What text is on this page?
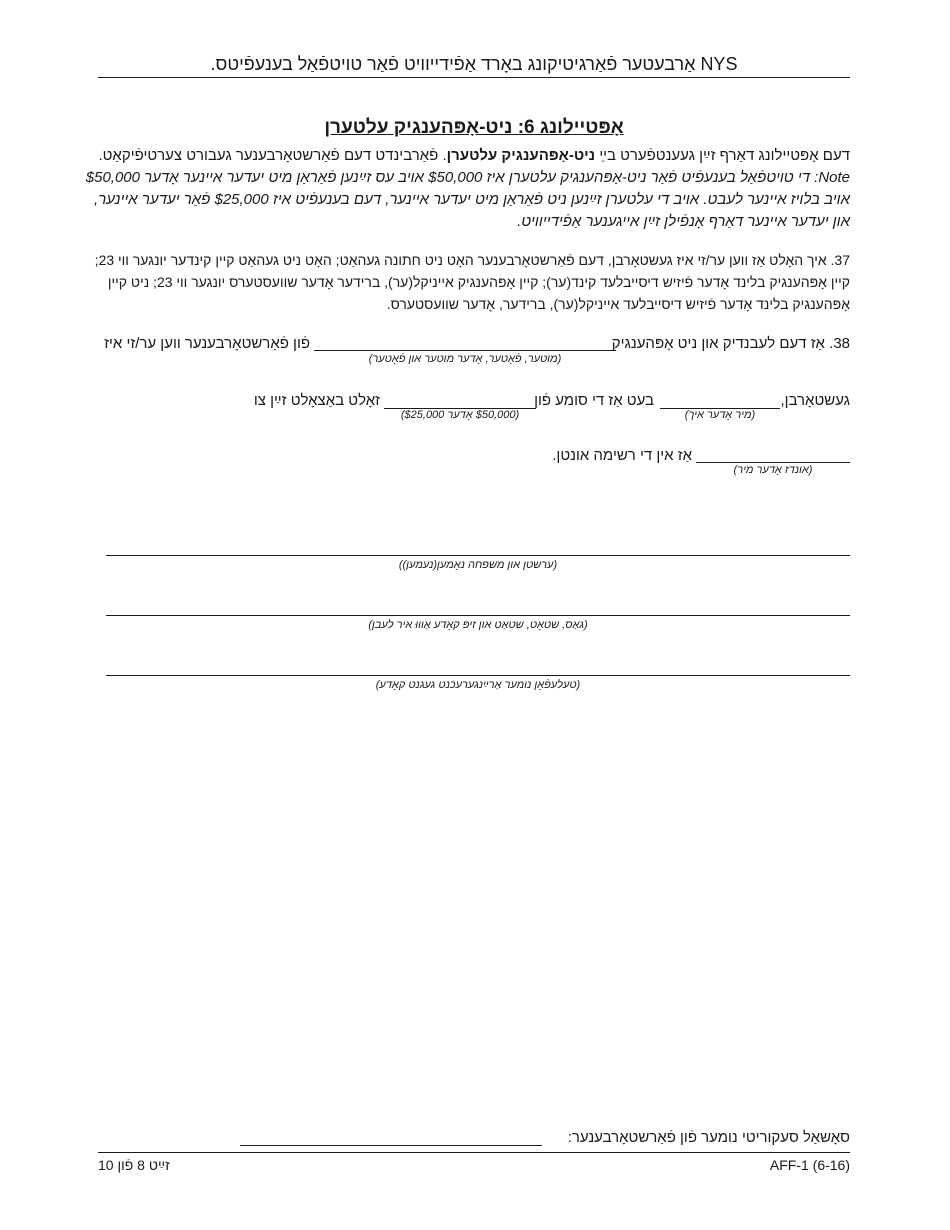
NYS אַרבעטער פֿאַרגיטיקונג באָרד אַפֿידייוויט פֿאַר טויטפֿאַל בענעפֿיטס.
אָפּטיילונג 6: ניט-אָפּהענגיק עלטערן
דעם אָפּטיילונג דאַרף זײַן געענטפֿערט בײַ ניט-אָפּהענגיק עלטערן. פֿאַרבינדט דעם פֿאַרשטאָרבענער געבורט צערטיפֿיקאַט. Note: די טויטפֿאַל בענעפֿיט פֿאַר ניט-אָפּהענגיק עלטערן איז $50,000 אויב עס זײַנען פֿאַראַן מיט יעדער איינער אָדער $50,000 אויב בלויז איינער לעבט. אויב די עלטערן זײַנען ניט פֿאַראַן מיט יעדער איינער, דעם בענעפֿיט איז $25,000 פֿאַר יעדער איינער, און יעדער איינער דאַרף אָנפֿילן זײַן אייגענער אַפֿידייוויט.
37. איך האָלט אַז ווען ער/זי איז געשטאָרבן, דעם פֿאַרשטאָרבענער האָט ניט חתונה געהאַט; האָט ניט געהאַט קיין קינדער יונגער ווי 23; קיין אָפּהענגיק בלינד אָדער פֿיזיש דיסייבלעד קינד(ער); קיין אָפּהענגיק אייניקל(ער), ברידער אָדער שוועסטערס יונגער ווי 23; ניט קיין אָפּהענגיק בלינד אָדער פֿיזיש דיסייבלעד אייניקל(ער), ברידער, אָדער שוועסטערס.
38. אַז דעם לעבנדיק און ניט אָפּהענגיק
(מוטער, פֿאָטער, אָדער מוטער און פֿאָטער)
פֿון פֿאַרשטאָרבענער ווען ער/זי איז
געשטאָרבן,
(מיר אָדער איך)
בעט אַז די סומע פֿון
($50,000 אָדער $25,000)
זאָלט באַצאָלט זײַן צו
(אונדז אָדער מיר)
אַז אין די רשימה אונטן.
(ערשטן און משפחה נאָמען(נעמען))
(גאַס, שטאָט, שטאַט און זיפּ קאָדע אַוווּ איר לעבן)
(טעלעפֿאָן נומער אַרײַנגערעכנט געגנט קאָדע)
סאָשאַל סעקוריטי נומער פֿון פֿאַרשטאָרבענער:
AFF-1 (6-16)
זײַט 8 פֿון 10
